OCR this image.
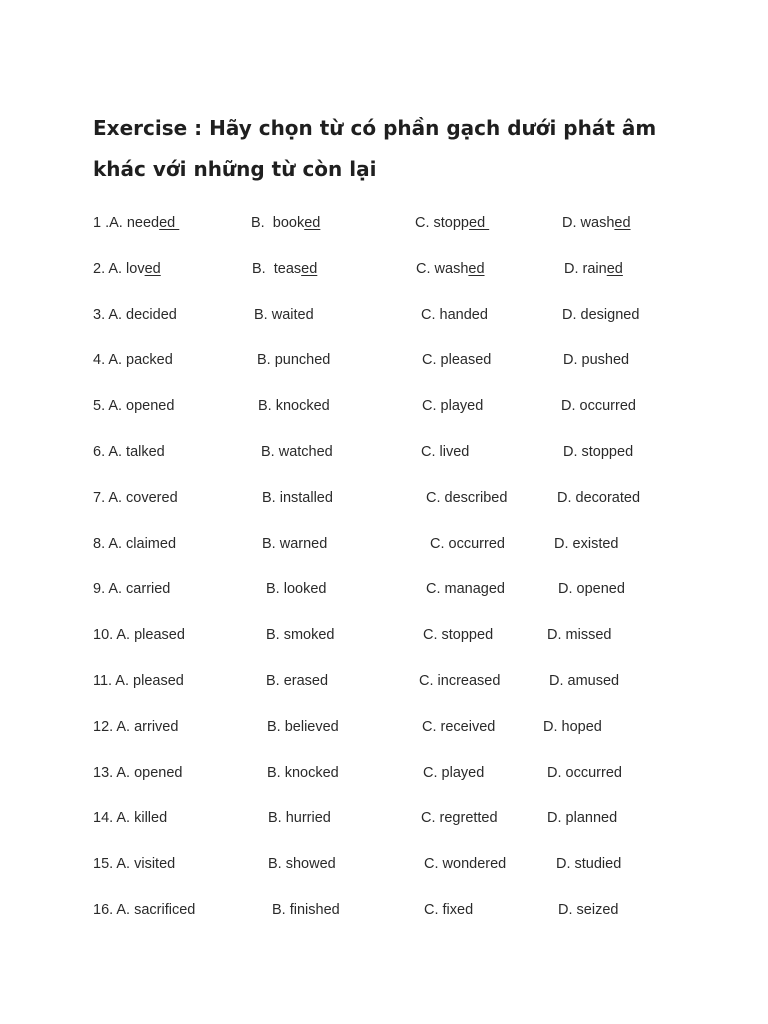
Exercise : Hãy chọn từ có phần gạch dưới phát âm khác với những từ còn lại
1 .A. needed	B.  booked	C. stopped	D. washed
2. A. loved	B.  teased	C. washed	D. rained
3. A. decided	B. waited	C. handed	D. designed
4. A. packed	B. punched	C. pleased	D. pushed
5. A. opened	B. knocked	C. played	D. occurred
6. A. talked	B. watched	C. lived	D. stopped
7. A. covered	B. installed	C. described	D. decorated
8. A. claimed	B. warned	C. occurred	D. existed
9. A. carried	B. looked	C. managed	D. opened
10. A. pleased	B. smoked	C. stopped	D. missed
11. A. pleased	B. erased	C. increased	D. amused
12. A. arrived	B. believed	C. received	D. hoped
13. A. opened	B. knocked	C. played	D. occurred
14. A. killed	B. hurried	C. regretted	D. planned
15. A. visited	B. showed	C. wondered	D. studied
16. A. sacrificed	B. finished	C. fixed	D. seized
